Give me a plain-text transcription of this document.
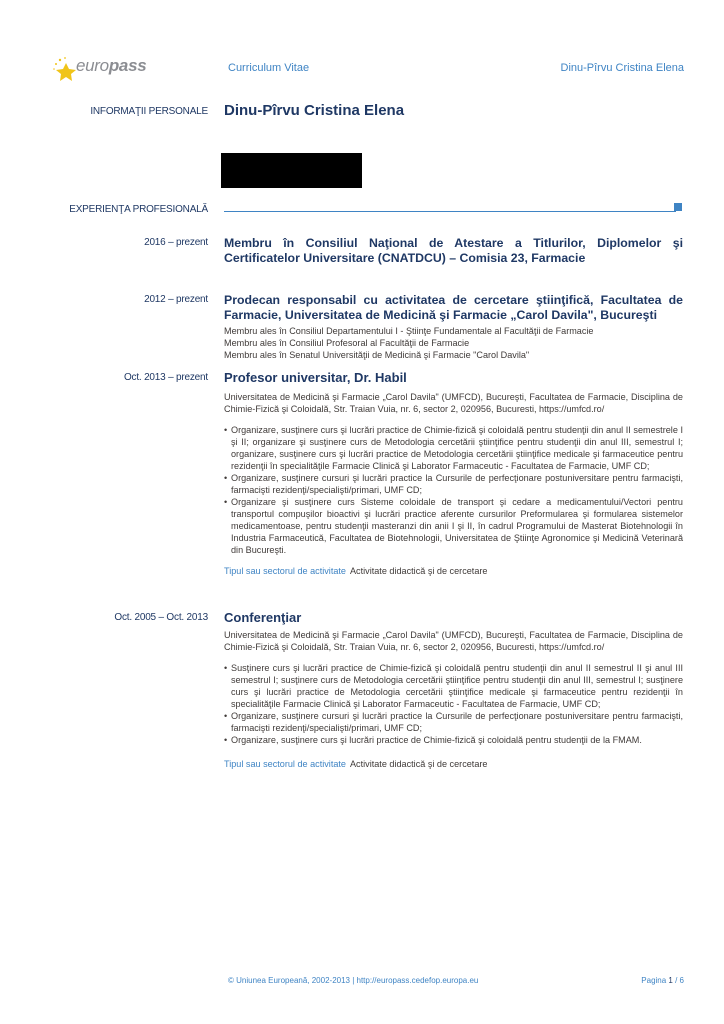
europass	Curriculum Vitae	Dinu-Pîrvu Cristina Elena
INFORMAŢII PERSONALE Dinu-Pîrvu Cristina Elena
EXPERIENŢA PROFESIONALĂ
2016 – prezent Membru în Consiliul Naţional de Atestare a Titlurilor, Diplomelor şi Certificatelor Universitare (CNATDCU) – Comisia 23, Farmacie
2012 – prezent Prodecan responsabil cu activitatea de cercetare ştiinţifică, Facultatea de Farmacie, Universitatea de Medicină şi Farmacie „Carol Davila", Bucureşti
Membru ales în Consiliul Departamentului I - Ştiinţe Fundamentale al Facultăţii de Farmacie
Membru ales în Consiliul Profesoral al Facultăţii de Farmacie
Membru ales în Senatul Universităţii de Medicină şi Farmacie "Carol Davila"
Oct. 2013 – prezent Profesor universitar, Dr. Habil
Universitatea de Medicină şi Farmacie „Carol Davila" (UMFCD), Bucureşti, Facultatea de Farmacie, Disciplina de Chimie-Fizică şi Coloidală, Str. Traian Vuia, nr. 6, sector 2, 020956, Bucuresti, https://umfcd.ro/
• Organizare, susţinere curs şi lucrări practice de Chimie-fizică şi coloidală pentru studenţii din anul II semestrele I şi II; organizare şi susţinere curs de Metodologia cercetării ştiinţifice pentru studenţii din anul III, semestrul I; organizare, susţinere curs şi lucrări practice de Metodologia cercetării ştiinţifice medicale şi farmaceutice pentru rezidenţii în specialităţile Farmacie Clinică şi Laborator Farmaceutic - Facultatea de Farmacie, UMF CD;
• Organizare, susţinere cursuri şi lucrări practice la Cursurile de perfecţionare postuniversitare pentru farmacişti, farmacişti rezidenţi/specialişti/primari, UMF CD;
• Organizare şi susţinere curs Sisteme coloidale de transport şi cedare a medicamentului/Vectori pentru transportul compuşilor bioactivi şi lucrări practice aferente cursurilor Preformularea şi formularea sistemelor medicamentoase, pentru studenţii masteranzi din anii I şi II, în cadrul Programului de Masterat Biotehnologii în Industria Farmaceutică, Facultatea de Biotehnologii, Universitatea de Ştiinţe Agronomice şi Medicină Veterinară din Bucureşti.
Tipul sau sectorul de activitate Activitate didactică şi de cercetare
Oct. 2005 – Oct. 2013 Conferenţiar
Universitatea de Medicină şi Farmacie „Carol Davila" (UMFCD), Bucureşti, Facultatea de Farmacie, Disciplina de Chimie-Fizică şi Coloidală, Str. Traian Vuia, nr. 6, sector 2, 020956, Bucuresti, https://umfcd.ro/
• Susţinere curs şi lucrări practice de Chimie-fizică şi coloidală pentru studenţii din anul II semestrul II şi anul III semestrul I; susţinere curs de Metodologia cercetării ştiinţifice pentru studenţii din anul III, semestrul I; susţinere curs şi lucrări practice de Metodologia cercetării ştiinţifice medicale şi farmaceutice pentru rezidenţii în specialităţile Farmacie Clinică şi Laborator Farmaceutic - Facultatea de Farmacie, UMF CD;
• Organizare, susţinere cursuri şi lucrări practice la Cursurile de perfecţionare postuniversitare pentru farmacişti, farmacişti rezidenţi/specialişti/primari, UMF CD;
• Organizare, susţinere curs şi lucrări practice de Chimie-fizică şi coloidală pentru studenţii de la FMAM.
Tipul sau sectorul de activitate Activitate didactică şi de cercetare
© Uniunea Europeană, 2002-2013 | http://europass.cedefop.europa.eu	Pagina 1 / 6
